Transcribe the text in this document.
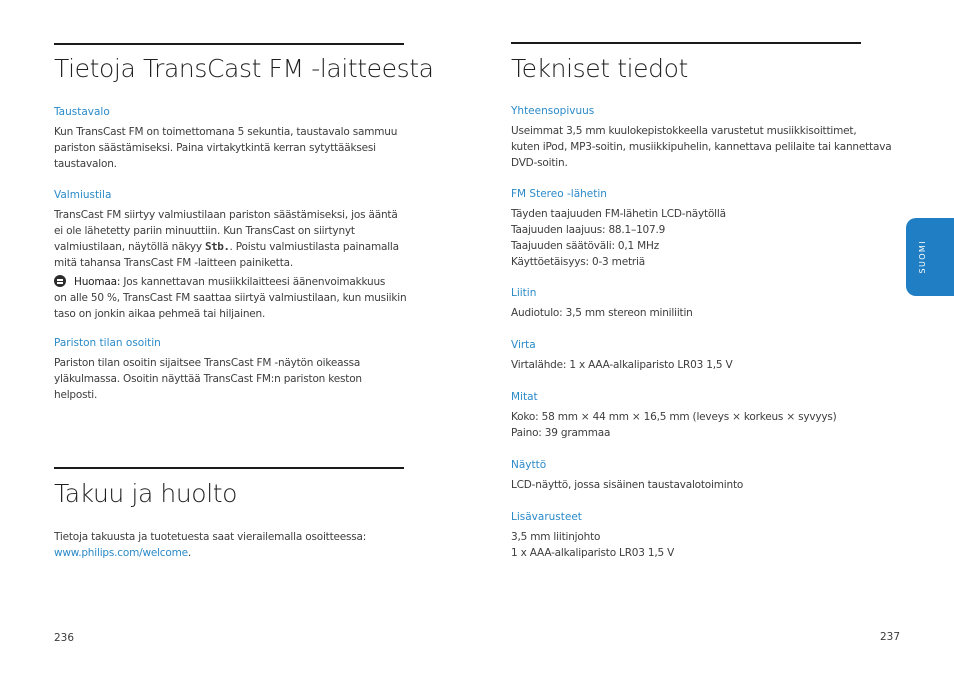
Tietoja TransCast FM -laitteesta
Taustavalo

Kun TransCast FM on toimettomana 5 sekuntia, taustavalo sammuu
pariston säästämiseksi. Paina virtakytkintä kerran sytyttääksesi
taustavalon.

Valmiustila

TransCast FM siirtyy valmiustilaan pariston säästämiseksi, jos ääntä
ei ole lähetetty pariin minuuttiin. Kun TransCast on siirtynyt
valmiustilaan, näytöllä näkyy Stb.. Poistu valmiustilasta painamalla
mitä tahansa TransCast FM -laitteen painiketta.

Huomaa: Jos kannettavan musiikkilaitteesi äänenvoimakkuus
on alle 50 %, TransCast FM saattaa siirtyä valmiustilaan, kun musiikin
taso on jonkin aikaa pehmeä tai hiljainen.

Pariston tilan osoitin

Pariston tilan osoitin sijaitsee TransCast FM -näytön oikeassa
yläkulmassa. Osoitin näyttää TransCast FM:n pariston keston
helposti.

Takuu ja huolto

Tietoja takuusta ja tuotetuesta saat vierailemalla osoitteessa:
www.philips.com/welcome.

236
Tekniset tiedot
Yhteensopivuus

Useimmat 3,5 mm kuulokepistokkeella varustetut musiikkisoittimet,
kuten iPod, MP3-soitin, musiikkipuhelin, kannettava pelilaite tai kannettava
DVD-soitin.

FM Stereo -lähetin

Täyden taajuuden FM-lähetin LCD-näytöllä
Taajuuden laajuus: 88.1–107.9
Taajuuden säätöväli: 0,1 MHz
Käyttöetäisyys: 0-3 metriä

Liitin

Audiotulo: 3,5 mm stereon miniliitin

Virta

Virtalähde: 1 x AAA-alkaliparisto LR03 1,5 V

Mitat

Koko: 58 mm × 44 mm × 16,5 mm (leveys × korkeus × syvyys)
Paino: 39 grammaa

Näyttö

LCD-näyttö, jossa sisäinen taustavalotoiminto

Lisävarusteet

3,5 mm liitinjohto
1 x AAA-alkaliparisto LR03 1,5 V

237
SUOMI
